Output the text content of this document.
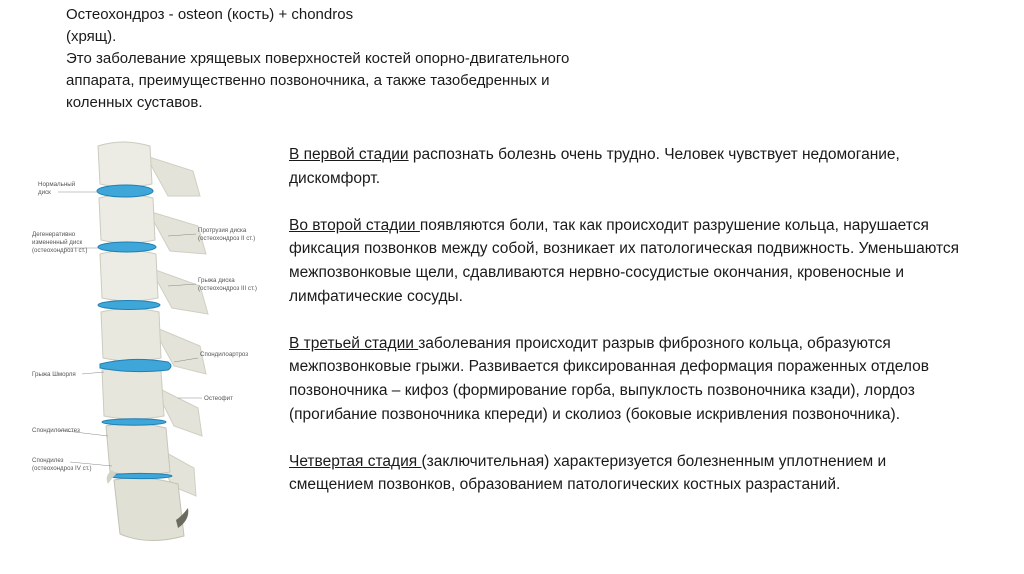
Остеохондроз - osteon (кость) + chondros

(хрящ).

Это заболевание хрящевых поверхностей костей опорно-двигательного аппарата, преимущественно позвоночника, а также тазобедренных и коленных суставов.

Нормальный
диск
Дегенеративно
измененный диск
(остеохондроз I ст.)
Протрузия диска
(остеохондроз II ст.)
Грыжа диска
(остеохондроз III ст.)
Спондилоартроз
Грыжа Шморля
Остеофит
Спондилолистез
Спондилез
(остеохондроз IV ст.)

В первой стадии распознать болезнь очень трудно. Человек чувствует недомогание, дискомфорт.

Во второй стадии появляются боли, так как происходит разрушение кольца, нарушается фиксация позвонков между собой, возникает их патологическая подвижность. Уменьшаются межпозвонковые щели, сдавливаются нервно-сосудистые окончания, кровеносные и лимфатические сосуды.

В третьей стадии заболевания происходит разрыв фиброзного кольца, образуются межпозвонковые грыжи. Развивается фиксированная деформация пораженных отделов позвоночника – кифоз (формирование горба, выпуклость позвоночника кзади), лордоз (прогибание позвоночника кпереди) и сколиоз (боковые искривления позвоночника).

Четвертая стадия (заключительная) характеризуется болезненным уплотнением и смещением позвонков, образованием патологических костных разрастаний.
